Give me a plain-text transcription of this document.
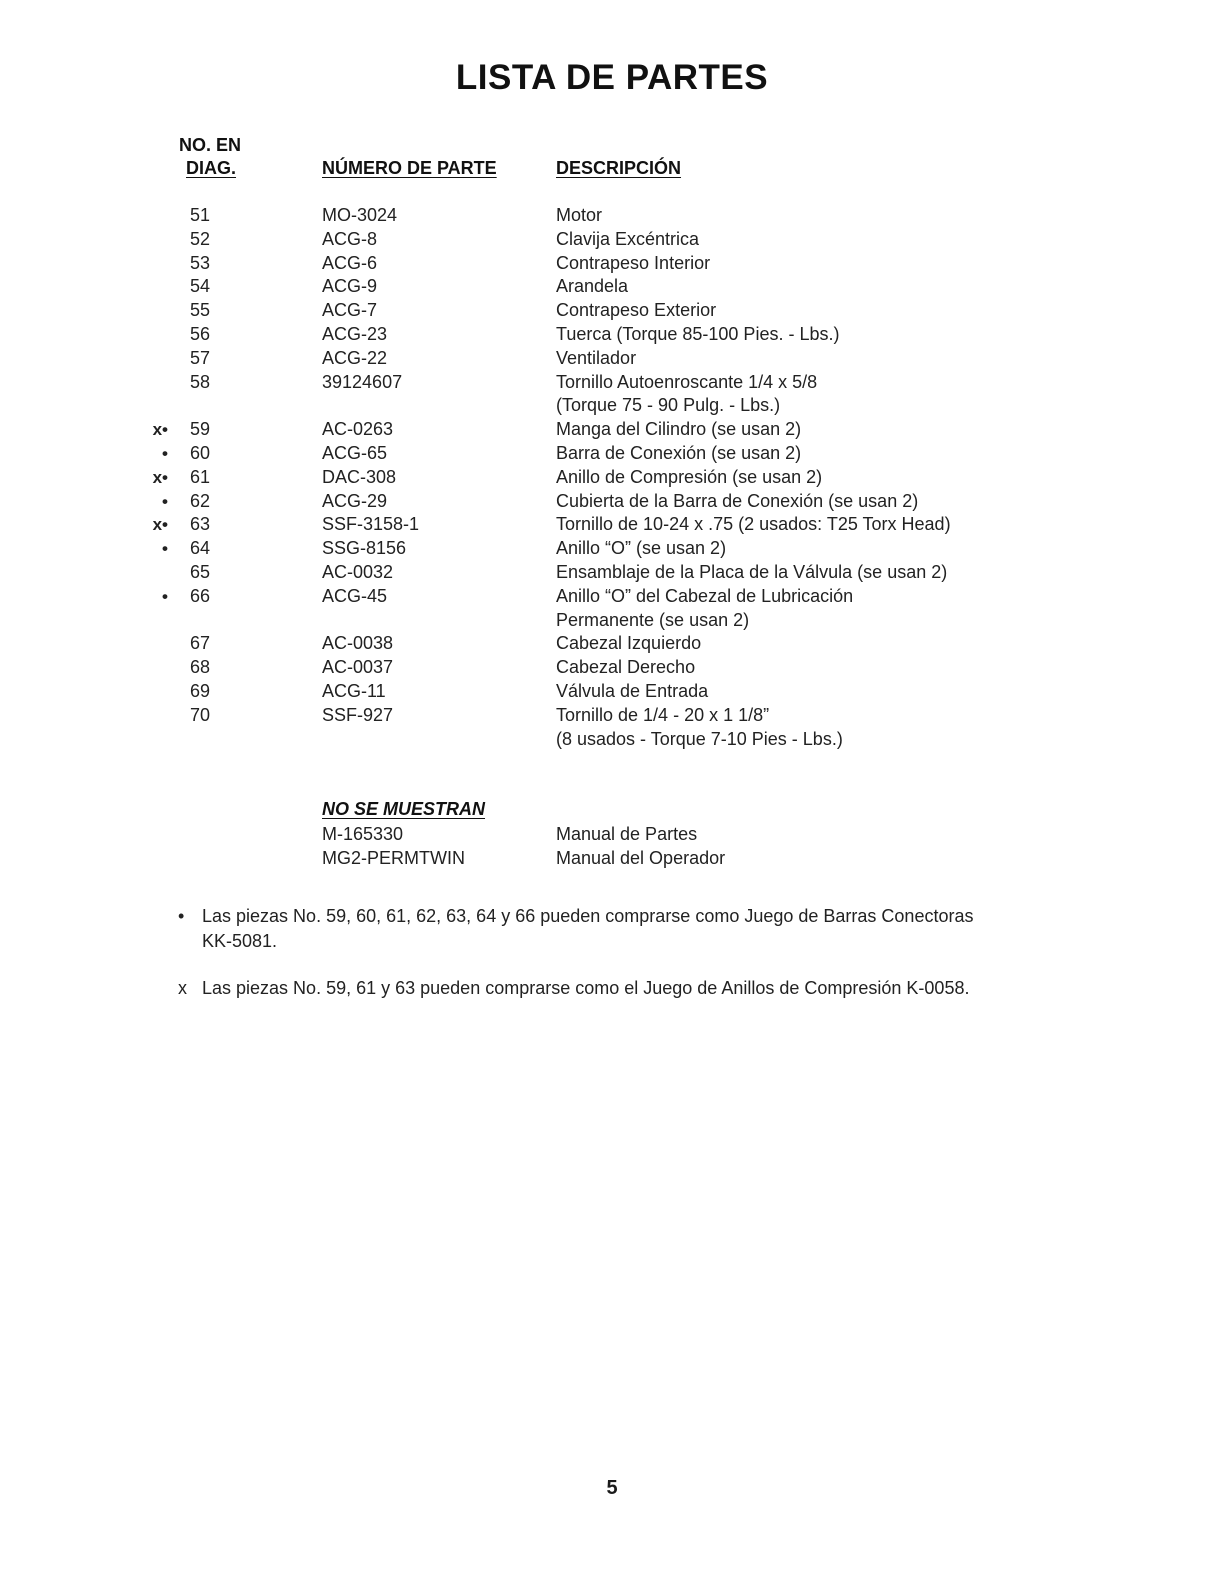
LISTA DE PARTES
NO. EN
DIAG.	NÚMERO DE PARTE	DESCRIPCIÓN
51	MO-3024	Motor
52	ACG-8	Clavija Excéntrica
53	ACG-6	Contrapeso Interior
54	ACG-9	Arandela
55	ACG-7	Contrapeso Exterior
56	ACG-23	Tuerca (Torque 85-100 Pies. - Lbs.)
57	ACG-22	Ventilador
58	39124607	Tornillo Autoenroscante 1/4 x 5/8
(Torque 75 - 90 Pulg. - Lbs.)
x• 59	AC-0263	Manga del Cilindro (se usan 2)
• 60	ACG-65	Barra de Conexión (se usan 2)
x• 61	DAC-308	Anillo de Compresión (se usan 2)
• 62	ACG-29	Cubierta de la Barra de Conexión (se usan 2)
x• 63	SSF-3158-1	Tornillo de 10-24 x .75 (2 usados: T25 Torx Head)
• 64	SSG-8156	Anillo “O” (se usan 2)
65	AC-0032	Ensamblaje de la Placa de la Válvula (se usan 2)
• 66	ACG-45	Anillo “O” del Cabezal de Lubricación
Permanente (se usan 2)
67	AC-0038	Cabezal Izquierdo
68	AC-0037	Cabezal Derecho
69	ACG-11	Válvula de Entrada
70	SSF-927	Tornillo de 1/4 - 20 x 1 1/8”
(8 usados - Torque 7-10 Pies - Lbs.)
NO SE MUESTRAN
M-165330	Manual de Partes
MG2-PERMTWIN	Manual del Operador
• Las piezas No. 59, 60, 61, 62, 63, 64 y 66 pueden comprarse como Juego de Barras Conectoras KK-5081.
x Las piezas No. 59, 61 y 63 pueden comprarse como el Juego de Anillos de Compresión K-0058.
5
